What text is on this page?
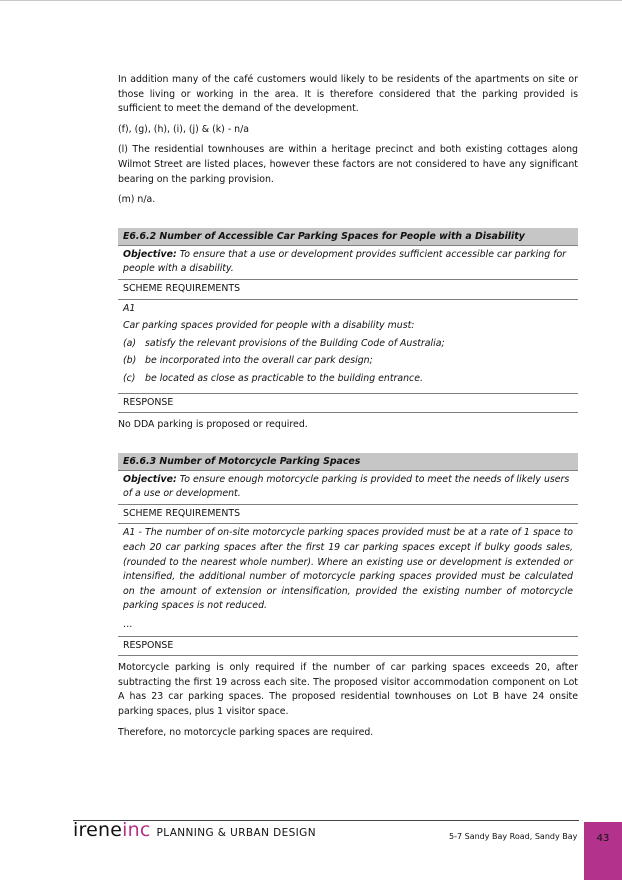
In addition many of the café customers would likely to be residents of the apartments on site or those living or working in the area. It is therefore considered that the parking provided is sufficient to meet the demand of the development.

(f), (g), (h), (i), (j) & (k) - n/a

(l) The residential townhouses are within a heritage precinct and both existing cottages along Wilmot Street are listed places, however these factors are not considered to have any significant bearing on the parking provision.

(m) n/a.

E6.6.2 Number of Accessible Car Parking Spaces for People with a Disability
Objective: To ensure that a use or development provides sufficient accessible car parking for people with a disability.
SCHEME REQUIREMENTS

A1

Car parking spaces provided for people with a disability must:

(a) satisfy the relevant provisions of the Building Code of Australia;
(b) be incorporated into the overall car park design;
(c)	be located as close as practicable to the building entrance.
RESPONSE

No DDA parking is proposed or required.

E6.6.3 Number of Motorcycle Parking Spaces
Objective: To ensure enough motorcycle parking is provided to meet the needs of likely users of a use or development.
SCHEME REQUIREMENTS

A1 - The number of on-site motorcycle parking spaces provided must be at a rate of 1 space to each 20 car parking spaces after the first 19 car parking spaces except if bulky goods sales, (rounded to the nearest whole number). Where an existing use or development is extended or intensified, the additional number of motorcycle parking spaces provided must be calculated on the amount of extension or intensification, provided the existing number of motorcycle parking spaces is not reduced.

…

RESPONSE

Motorcycle parking is only required if the number of car parking spaces exceeds 20, after subtracting the first 19 across each site. The proposed visitor accommodation component on Lot A has 23 car parking spaces. The proposed residential townhouses on Lot B have 24 onsite parking spaces, plus 1 visitor space.

Therefore, no motorcycle parking spaces are required.

ireneinc PLANNING & URBAN DESIGN	5-7 Sandy Bay Road, Sandy Bay	43
